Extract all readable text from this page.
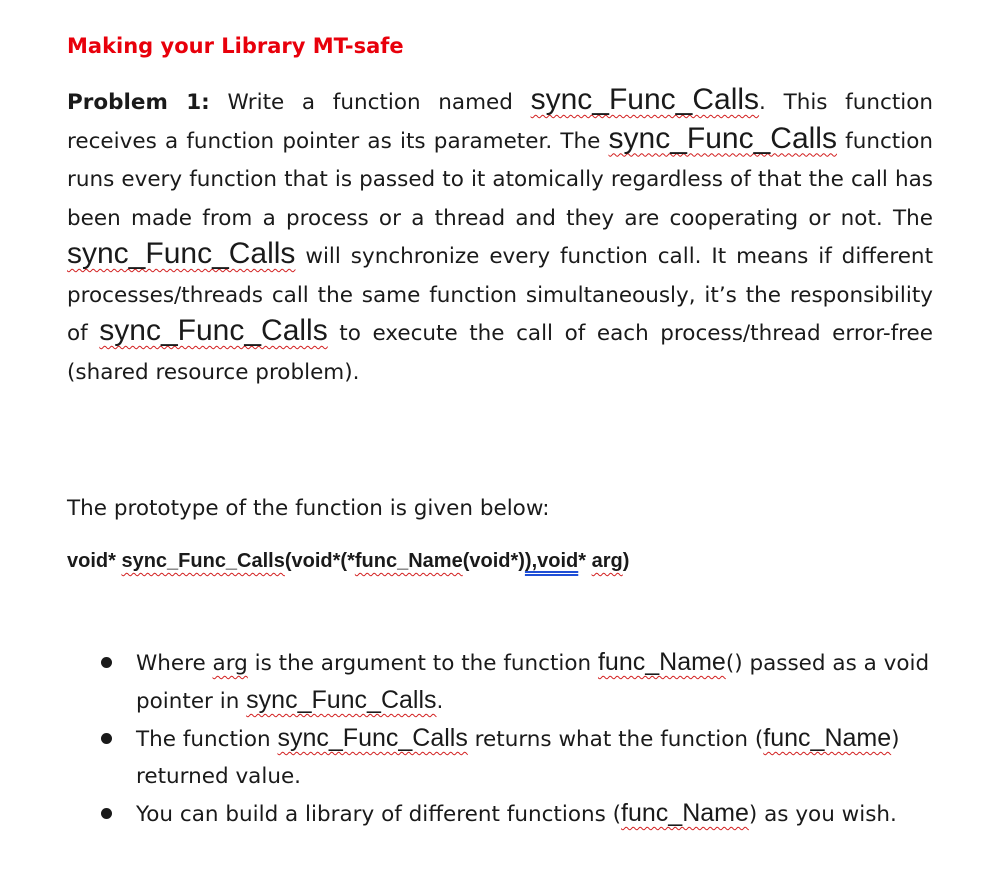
Making your Library MT-safe
Problem 1: Write a function named sync_Func_Calls. This function receives a function pointer as its parameter. The sync_Func_Calls function runs every function that is passed to it atomically regardless of that the call has been made from a process or a thread and they are cooperating or not. The sync_Func_Calls will synchronize every function call. It means if different processes/threads call the same function simultaneously, it’s the responsibility of sync_Func_Calls to execute the call of each process/thread error-free (shared resource problem).
The prototype of the function is given below:
void* sync_Func_Calls(void*(*func_Name(void*)),void* arg)
Where arg is the argument to the function func_Name() passed as a void pointer in sync_Func_Calls.
The function sync_Func_Calls returns what the function (func_Name) returned value.
You can build a library of different functions (func_Name) as you wish.
